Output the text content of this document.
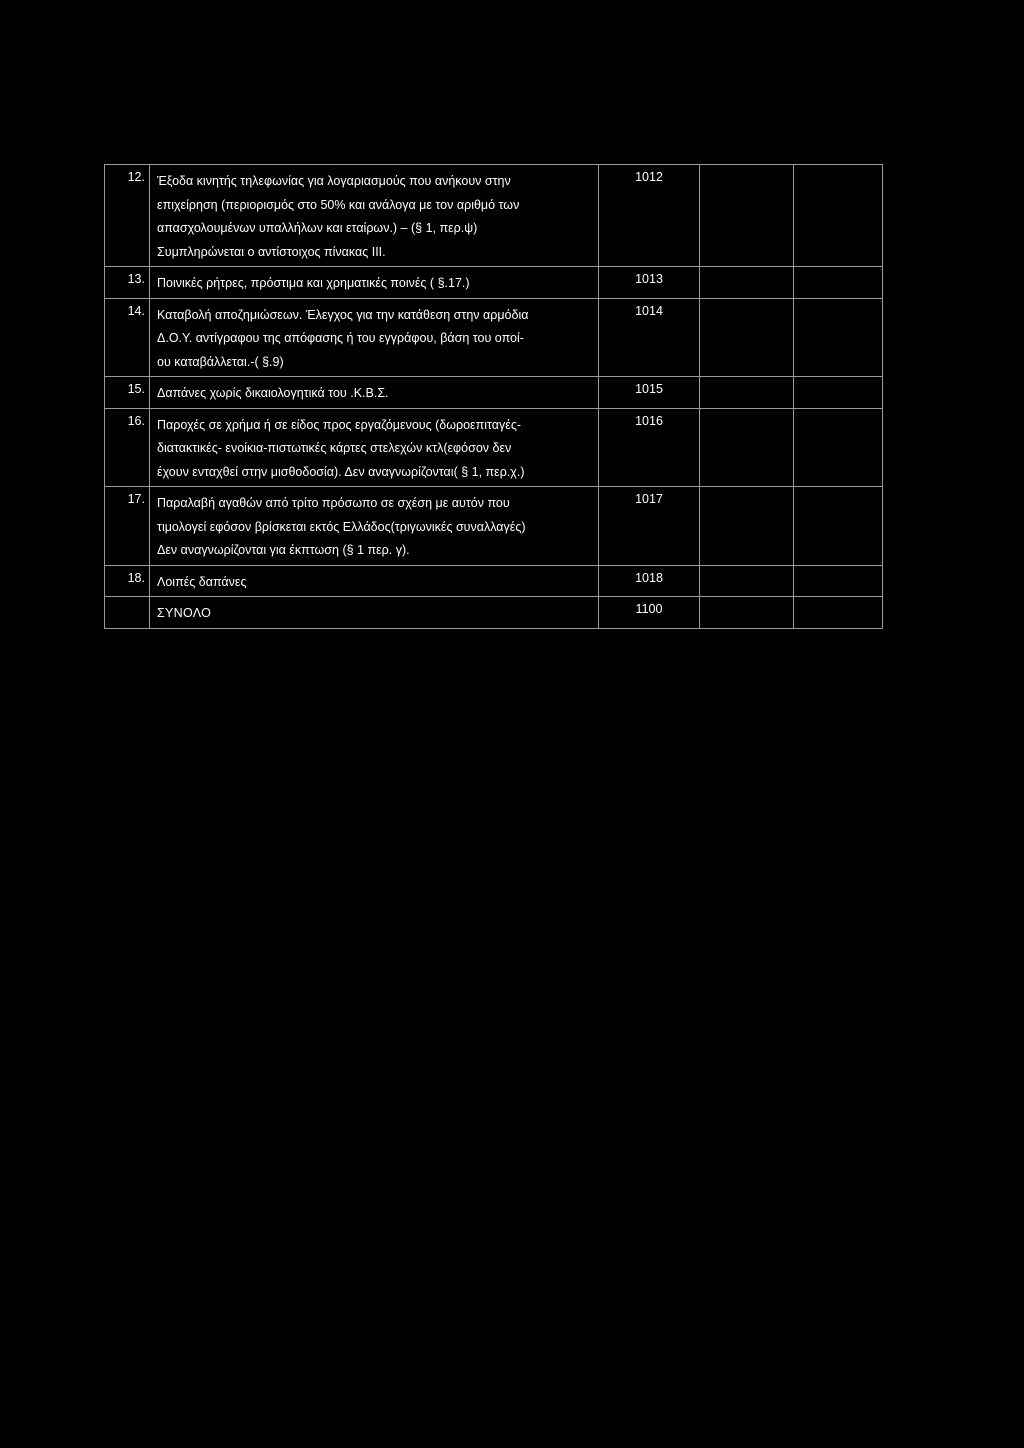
12.	Έξοδα κινητής τηλεφωνίας για λογαριασμούς που ανήκουν στην
επιχείρηση (περιορισμός στο 50% και ανάλογα με τον αριθμό των
απασχολουμένων υπαλλήλων και εταίρων.) – (§ 1, περ.ψ)
Συμπληρώνεται ο αντίστοιχος πίνακας ΙΙΙ.	1012		
13.	Ποινικές ρήτρες, πρόστιμα και χρηματικές ποινές ( §.17.)	1013		
14.	Καταβολή αποζημιώσεων. Έλεγχος για την κατάθεση στην αρμόδια
Δ.Ο.Υ. αντίγραφου της απόφασης ή του εγγράφου, βάση του οποί-
ου καταβάλλεται.-( §.9)	1014		
15.	Δαπάνες χωρίς δικαιολογητικά του .Κ.Β.Σ.	1015		
16.	Παροχές σε χρήμα ή σε είδος προς εργαζόμενους (δωροεπιταγές-
διατακτικές- ενοίκια-πιστωτικές κάρτες στελεχών κτλ(εφόσον δεν
έχουν ενταχθεί στην μισθοδοσία). Δεν αναγνωρίζονται( § 1, περ.χ.)	1016		
17.	Παραλαβή αγαθών από τρίτο πρόσωπο σε σχέση με αυτόν που
τιμολογεί εφόσον βρίσκεται εκτός Ελλάδος(τριγωνικές συναλλαγές)
Δεν αναγνωρίζονται για έκπτωση (§ 1 περ. γ).	1017		
18.	Λοιπές δαπάνες	1018		

	ΣΥΝΟΛΟ	1100		
